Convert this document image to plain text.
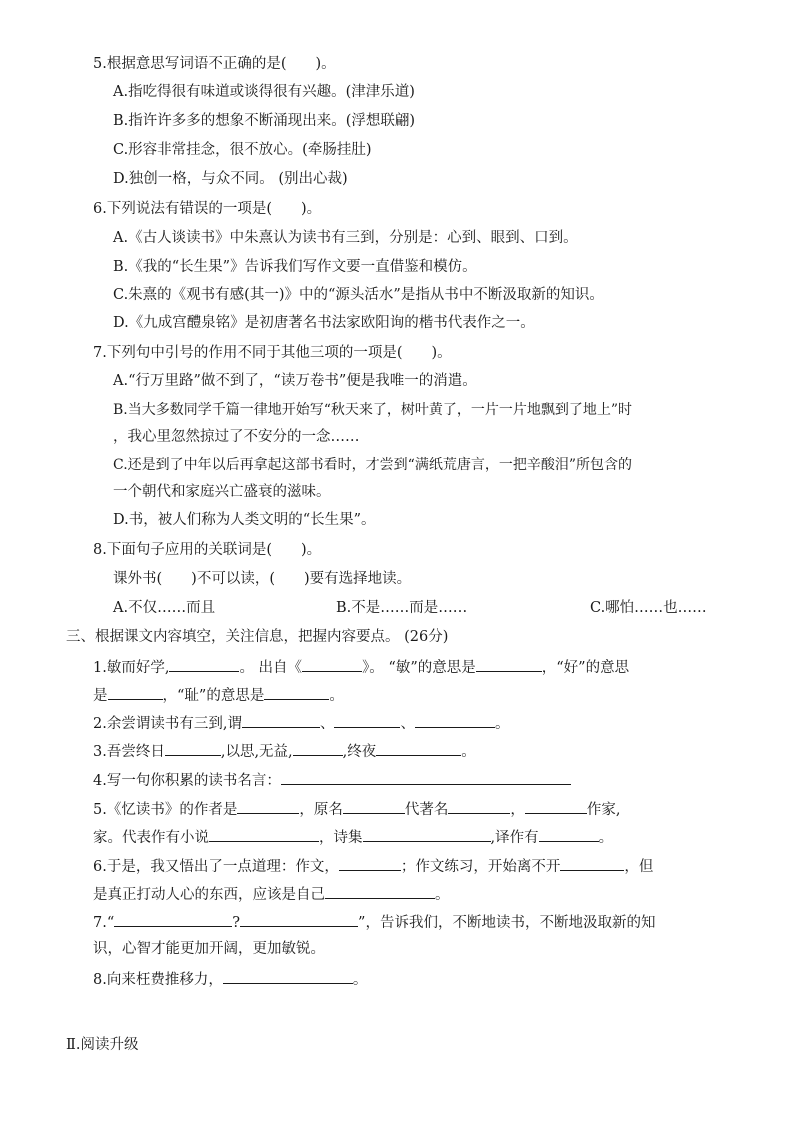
5.根据意思写词语不正确的是(　　)。
A.指吃得很有味道或谈得很有兴趣。(津津乐道)
B.指许许多多的想象不断涌现出来。(浮想联翩)
C.形容非常挂念，很不放心。(牵肠挂肚)
D.独创一格，与众不同。 (别出心裁)
6.下列说法有错误的一项是(　　)。
A.《古人谈读书》中朱熹认为读书有三到，分别是：心到、眼到、口到。
B.《我的“长生果”》告诉我们写作文要一直借鉴和模仿。
C.朱熹的《观书有感(其一)》中的“源头活水”是指从书中不断汲取新的知识。
D.《九成宫醴泉铭》是初唐著名书法家欧阳询的楷书代表作之一。
7.下列句中引号的作用不同于其他三项的一项是(　　)。
A.“行万里路”做不到了，“读万卷书”便是我唯一的消遣。
B.当大多数同学千篇一律地开始写“秋天来了，树叶黄了，一片一片地飘到了地上”时
，我心里忽然掠过了不安分的一念……
C.还是到了中年以后再拿起这部书看时，才尝到“满纸荒唐言，一把辛酸泪”所包含的
一个朝代和家庭兴亡盛衰的滋味。
D.书，被人们称为人类文明的“长生果”。
8.下面句子应用的关联词是(　　)。
课外书(　　)不可以读，(　　)要有选择地读。
A.不仅……而且	B.不是……而是……	C.哪怕……也……
三、根据课文内容填空，关注信息，把握内容要点。 (26分)
1.敏而好学,	。 出自《	》。 “敏”的意思是	，“好”的意思
是	，“耻”的意思是	。
2.余尝谓读书有三到,谓	、	、	。
3.吾尝终日	,以思,无益,	,终夜	。
4.写一句你积累的读书名言：
5.《忆读书》的作者是	，原名	代著名	，	作家,
家。代表作有小说	，诗集	,译作有	。
6.于是，我又悟出了一点道理：作文，	；作文练习，开始离不开	，但
是真正打动人心的东西，应该是自己	。
7.“	?	”，告诉我们，不断地读书，不断地汲取新的知
识，心智才能更加开阔，更加敏锐。
8.向来枉费推移力，	。
Ⅱ.阅读升级
